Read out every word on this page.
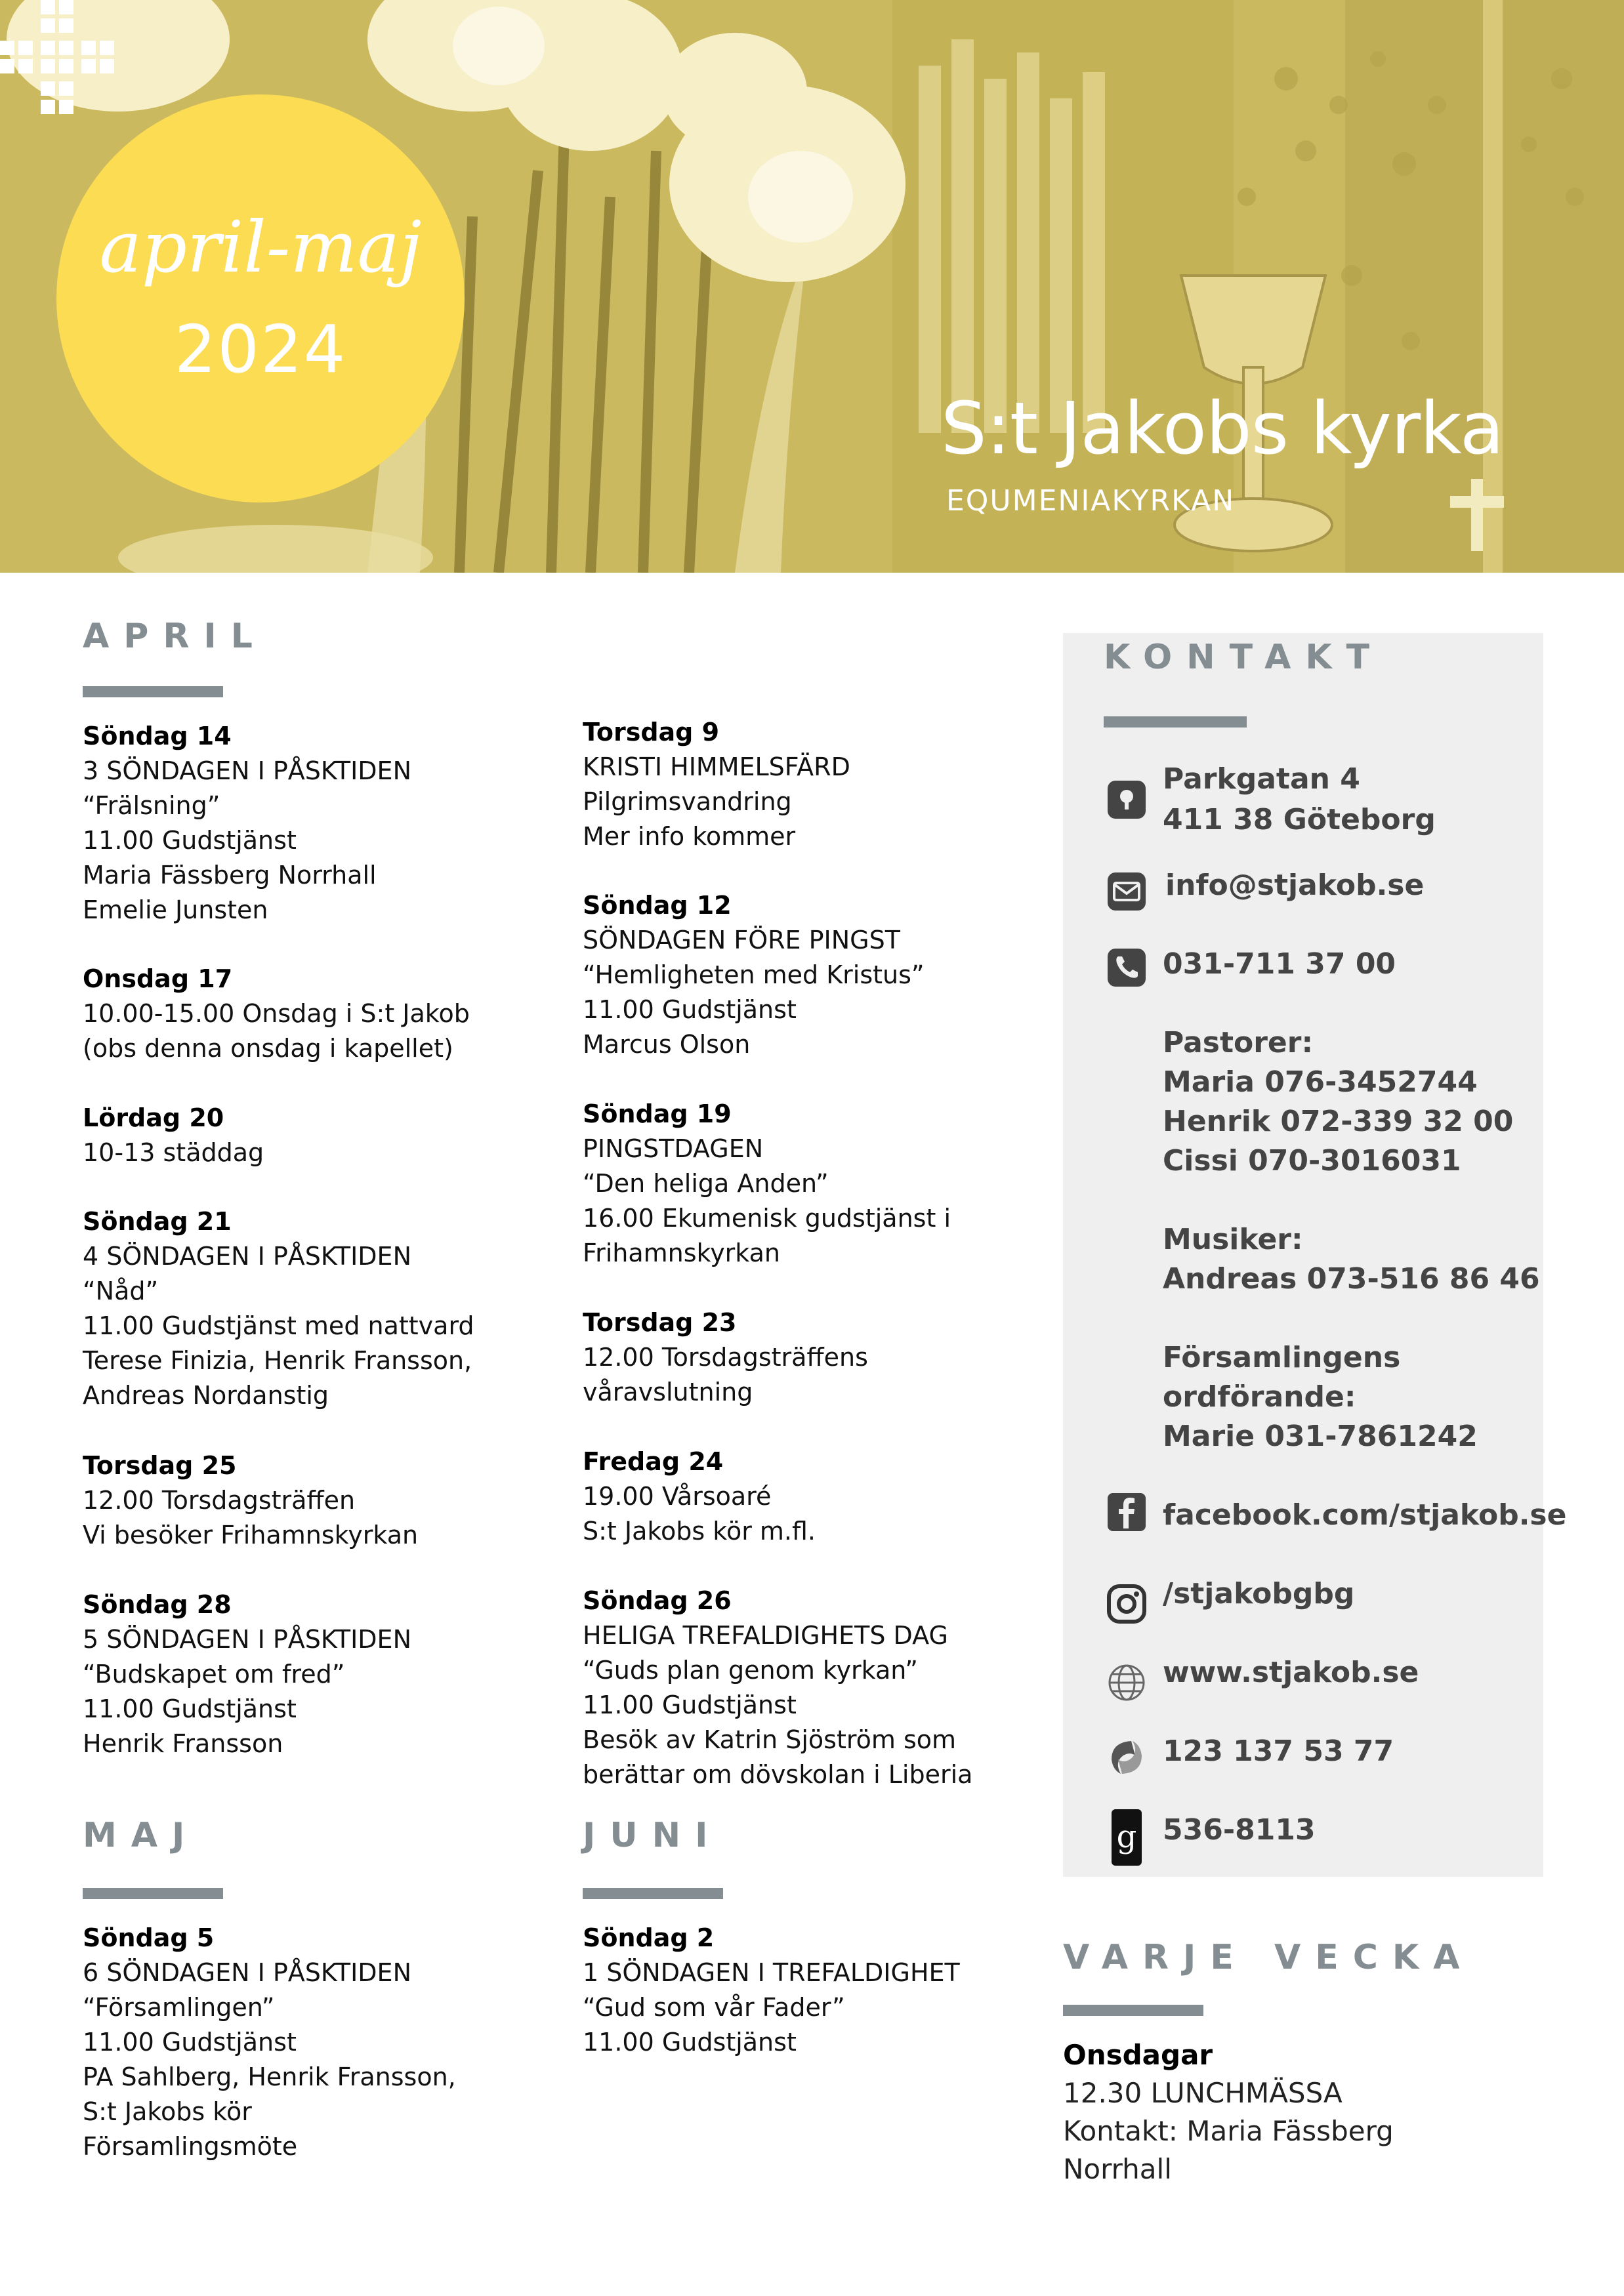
april-maj
2024
S:t Jakobs kyrka
EQUMENIAKYRKAN
APRIL
Söndag 14
3 SÖNDAGEN I PÅSKTIDEN
“Frälsning”
11.00 Gudstjänst
Maria Fässberg Norrhall
Emelie Junsten
Onsdag 17
10.00-15.00 Onsdag i S:t Jakob
(obs denna onsdag i kapellet)
Lördag 20
10-13 städdag
Söndag 21
4 SÖNDAGEN I PÅSKTIDEN
“Nåd”
11.00 Gudstjänst med nattvard
Terese Finizia, Henrik Fransson,
Andreas Nordanstig
Torsdag 25
12.00 Torsdagsträffen
Vi besöker Frihamnskyrkan
Söndag 28
5 SÖNDAGEN I PÅSKTIDEN
“Budskapet om fred”
11.00 Gudstjänst
Henrik Fransson
MAJ
Söndag 5
6 SÖNDAGEN I PÅSKTIDEN
“Församlingen”
11.00 Gudstjänst
PA Sahlberg, Henrik Fransson,
S:t Jakobs kör
Församlingsmöte
Torsdag 9
KRISTI HIMMELSFÄRD
Pilgrimsvandring
Mer info kommer
Söndag 12
SÖNDAGEN FÖRE PINGST
“Hemligheten med Kristus”
11.00 Gudstjänst
Marcus Olson
Söndag 19
PINGSTDAGEN
“Den heliga Anden”
16.00 Ekumenisk gudstjänst i
Frihamnskyrkan
Torsdag 23
12.00 Torsdagsträffens
våravslutning
Fredag 24
19.00 Vårsoaré
S:t Jakobs kör m.fl.
Söndag 26
HELIGA TREFALDIGHETS DAG
“Guds plan genom kyrkan”
11.00 Gudstjänst
Besök av Katrin Sjöström som
berättar om dövskolan i Liberia
JUNI
Söndag 2
1 SÖNDAGEN I TREFALDIGHET
“Gud som vår Fader”
11.00 Gudstjänst
KONTAKT
Parkgatan 4
411 38 Göteborg
info@stjakob.se
031-711 37 00
Pastorer:
Maria 076-3452744
Henrik 072-339 32 00
Cissi 070-3016031
Musiker:
Andreas 073-516 86 46
Församlingens
ordförande:
Marie 031-7861242
facebook.com/stjakob.se
/stjakobgbg
www.stjakob.se
123 137 53 77
g 536-8113
VARJE VECKA
Onsdagar
12.30 LUNCHMÄSSA
Kontakt: Maria Fässberg
Norrhall
